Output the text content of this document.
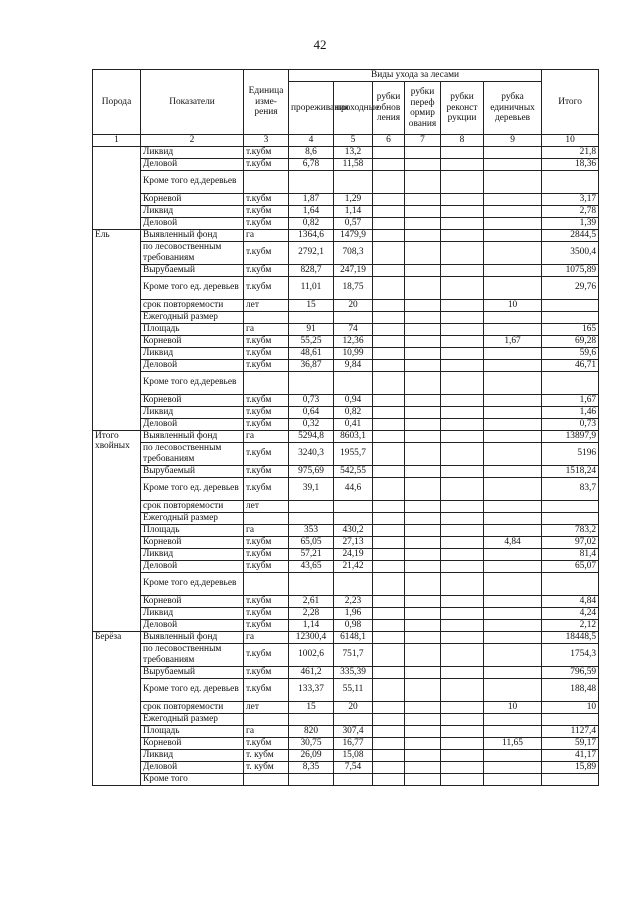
42
Порода	Показатели	Единица изме-рения	Виды ухода за лесами						Итого
			прореживания	проходные	рубки обнов ления	рубки переф ормир ования	рубки реконст рукции	рубка единичных деревьев	
1	2	3	4	5	6	7	8	9	10
	Ликвид	т.кубм	8,6	13,2					21,8
	Деловой	т.кубм	6,78	11,58					18,36
	Кроме того ед.деревьев								
	Корневой	т.кубм	1,87	1,29					3,17
	Ликвид	т.кубм	1,64	1,14					2,78
	Деловой	т.кубм	0,82	0,57					1,39
Ель	Выявленный фонд	га	1364,6	1479,9					2844,5
	по лесовоственным требованиям	т.кубм	2792,1	708,3					3500,4
	Вырубаемый	т.кубм	828,7	247,19					1075,89
	Кроме того ед. деревьев	т.кубм	11,01	18,75					29,76
	срок повторяемости	лет	15	20				10	
	Ежегодный размер								
	Площадь	га	91	74					165
	Корневой	т.кубм	55,25	12,36				1,67	69,28
	Ликвид	т.кубм	48,61	10,99					59,6
	Деловой	т.кубм	36,87	9,84					46,71
	Кроме того ед.деревьев								
	Корневой	т.кубм	0,73	0,94					1,67
	Ликвид	т.кубм	0,64	0,82					1,46
	Деловой	т.кубм	0,32	0,41					0,73
Итого хвойных	Выявленный фонд	га	5294,8	8603,1					13897,9
	по лесовоственным требованиям	т.кубм	3240,3	1955,7					5196
	Вырубаемый	т.кубм	975,69	542,55					1518,24
	Кроме того ед. деревьев	т.кубм	39,1	44,6					83,7
	срок повторяемости	лет							
	Ежегодный размер								
	Площадь	га	353	430,2					783,2
	Корневой	т.кубм	65,05	27,13				4,84	97,02
	Ликвид	т.кубм	57,21	24,19					81,4
	Деловой	т.кубм	43,65	21,42					65,07
	Кроме того ед.деревьев								
	Корневой	т.кубм	2,61	2,23					4,84
	Ликвид	т.кубм	2,28	1,96					4,24
	Деловой	т.кубм	1,14	0,98					2,12
Берёза	Выявленный фонд	га	12300,4	6148,1					18448,5
	по лесовоственным требованиям	т.кубм	1002,6	751,7					1754,3
	Вырубаемый	т.кубм	461,2	335,39					796,59
	Кроме того ед. деревьев	т.кубм	133,37	55,11					188,48
	срок повторяемости	лет	15	20				10	10
	Ежегодный размер								
	Площадь	га	820	307,4					1127,4
	Корневой	т.кубм	30,75	16,77				11,65	59,17
	Ликвид	т. кубм	26,09	15,08					41,17
	Деловой	т. кубм	8,35	7,54					15,89
	Кроме того								
